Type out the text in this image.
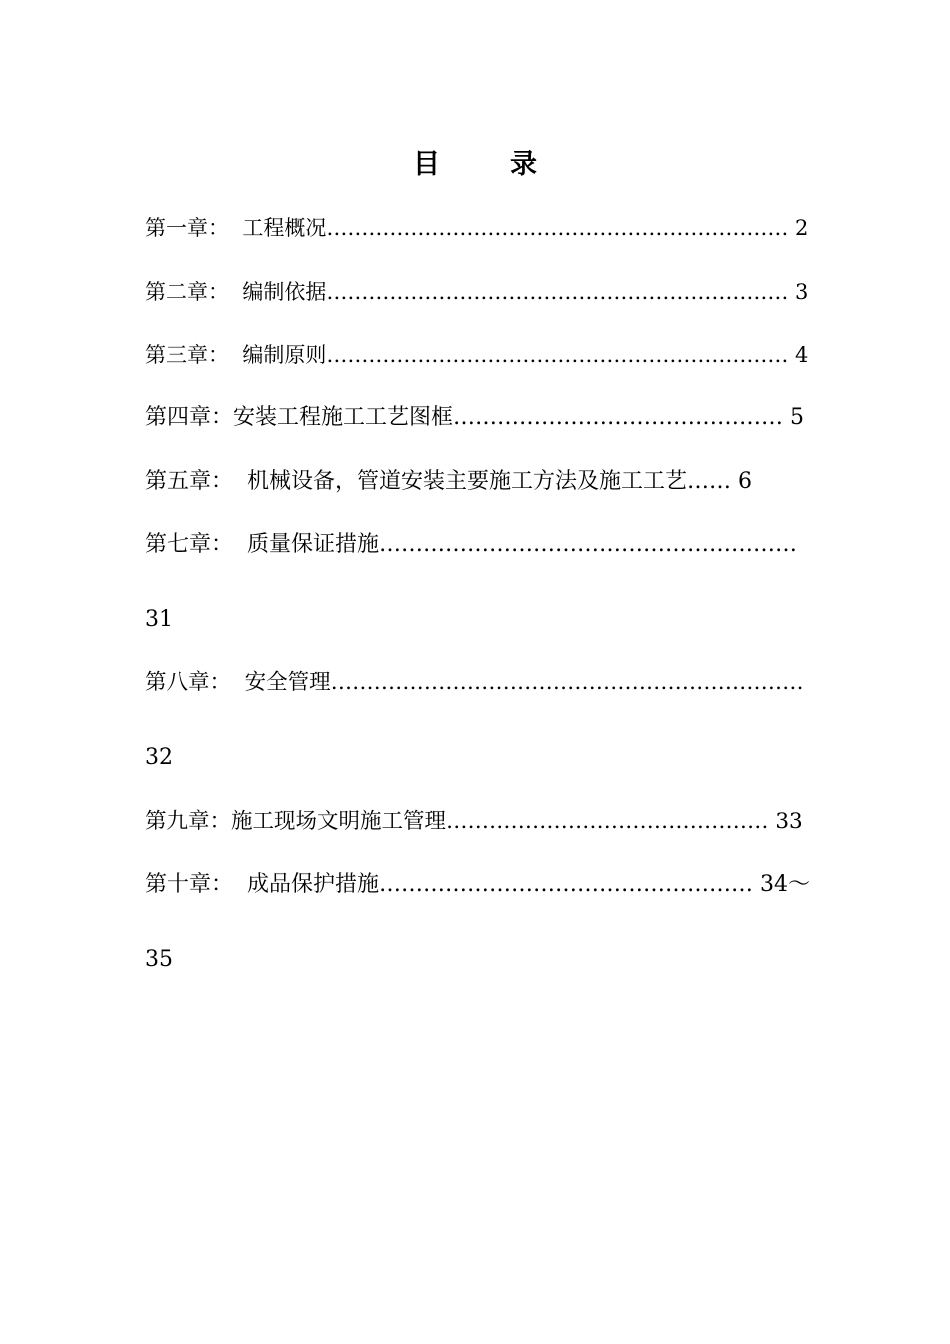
目	录
第一章：  工程概况………………………………………………………… 2
第二章：  编制依据………………………………………………………… 3
第三章：  编制原则………………………………………………………… 4
第四章：安装工程施工工艺图框……………………………………… 5
第五章：  机械设备，管道安装主要施工方法及施工工艺…… 6
第七章：  质量保证措施…………………………………………………
31
第八章：  安全管理…………………………………………………………
32
第九章：施工现场文明施工管理……………………………………… 33
第十章：  成品保护措施…………………………………………… 34～
35
